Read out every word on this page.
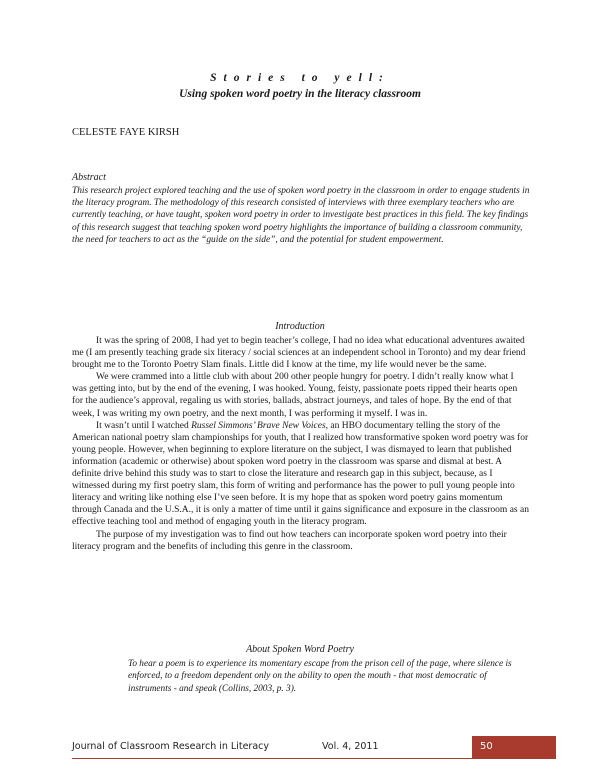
Stories to yell:
Using spoken word poetry in the literacy classroom
CELESTE FAYE KIRSH
Abstract

This research project explored teaching and the use of spoken word poetry in the classroom in order to engage students in the literacy program. The methodology of this research consisted of interviews with three exemplary teachers who are currently teaching, or have taught, spoken word poetry in order to investigate best practices in this field. The key findings of this research suggest that teaching spoken word poetry highlights the importance of building a classroom community, the need for teachers to act as the “guide on the side”, and the potential for student empowerment.

Introduction

It was the spring of 2008, I had yet to begin teacher’s college, I had no idea what educational adventures awaited me (I am presently teaching grade six literacy / social sciences at an independent school in Toronto) and my dear friend brought me to the Toronto Poetry Slam finals. Little did I know at the time, my life would never be the same.

We were crammed into a little club with about 200 other people hungry for poetry. I didn’t really know what I was getting into, but by the end of the evening, I was hooked. Young, feisty, passionate poets ripped their hearts open for the audience’s approval, regaling us with stories, ballads, abstract journeys, and tales of hope. By the end of that week, I was writing my own poetry, and the next month, I was performing it myself. I was in.

It wasn’t until I watched Russel Simmons’ Brave New Voices, an HBO documentary telling the story of the American national poetry slam championships for youth, that I realized how transformative spoken word poetry was for young people. However, when beginning to explore literature on the subject, I was dismayed to learn that published information (academic or otherwise) about spoken word poetry in the classroom was sparse and dismal at best. A definite drive behind this study was to start to close the literature and research gap in this subject, because, as I witnessed during my first poetry slam, this form of writing and performance has the power to pull young people into literacy and writing like nothing else I’ve seen before. It is my hope that as spoken word poetry gains momentum through Canada and the U.S.A., it is only a matter of time until it gains significance and exposure in the classroom as an effective teaching tool and method of engaging youth in the literacy program.

The purpose of my investigation was to find out how teachers can incorporate spoken word poetry into their literacy program and the benefits of including this genre in the classroom.

About Spoken Word Poetry

To hear a poem is to experience its momentary escape from the prison cell of the page, where silence is enforced, to a freedom dependent only on the ability to open the mouth - that most democratic of instruments - and speak (Collins, 2003, p. 3).

Journal of Classroom Research in Literacy	Vol. 4, 2011	50
